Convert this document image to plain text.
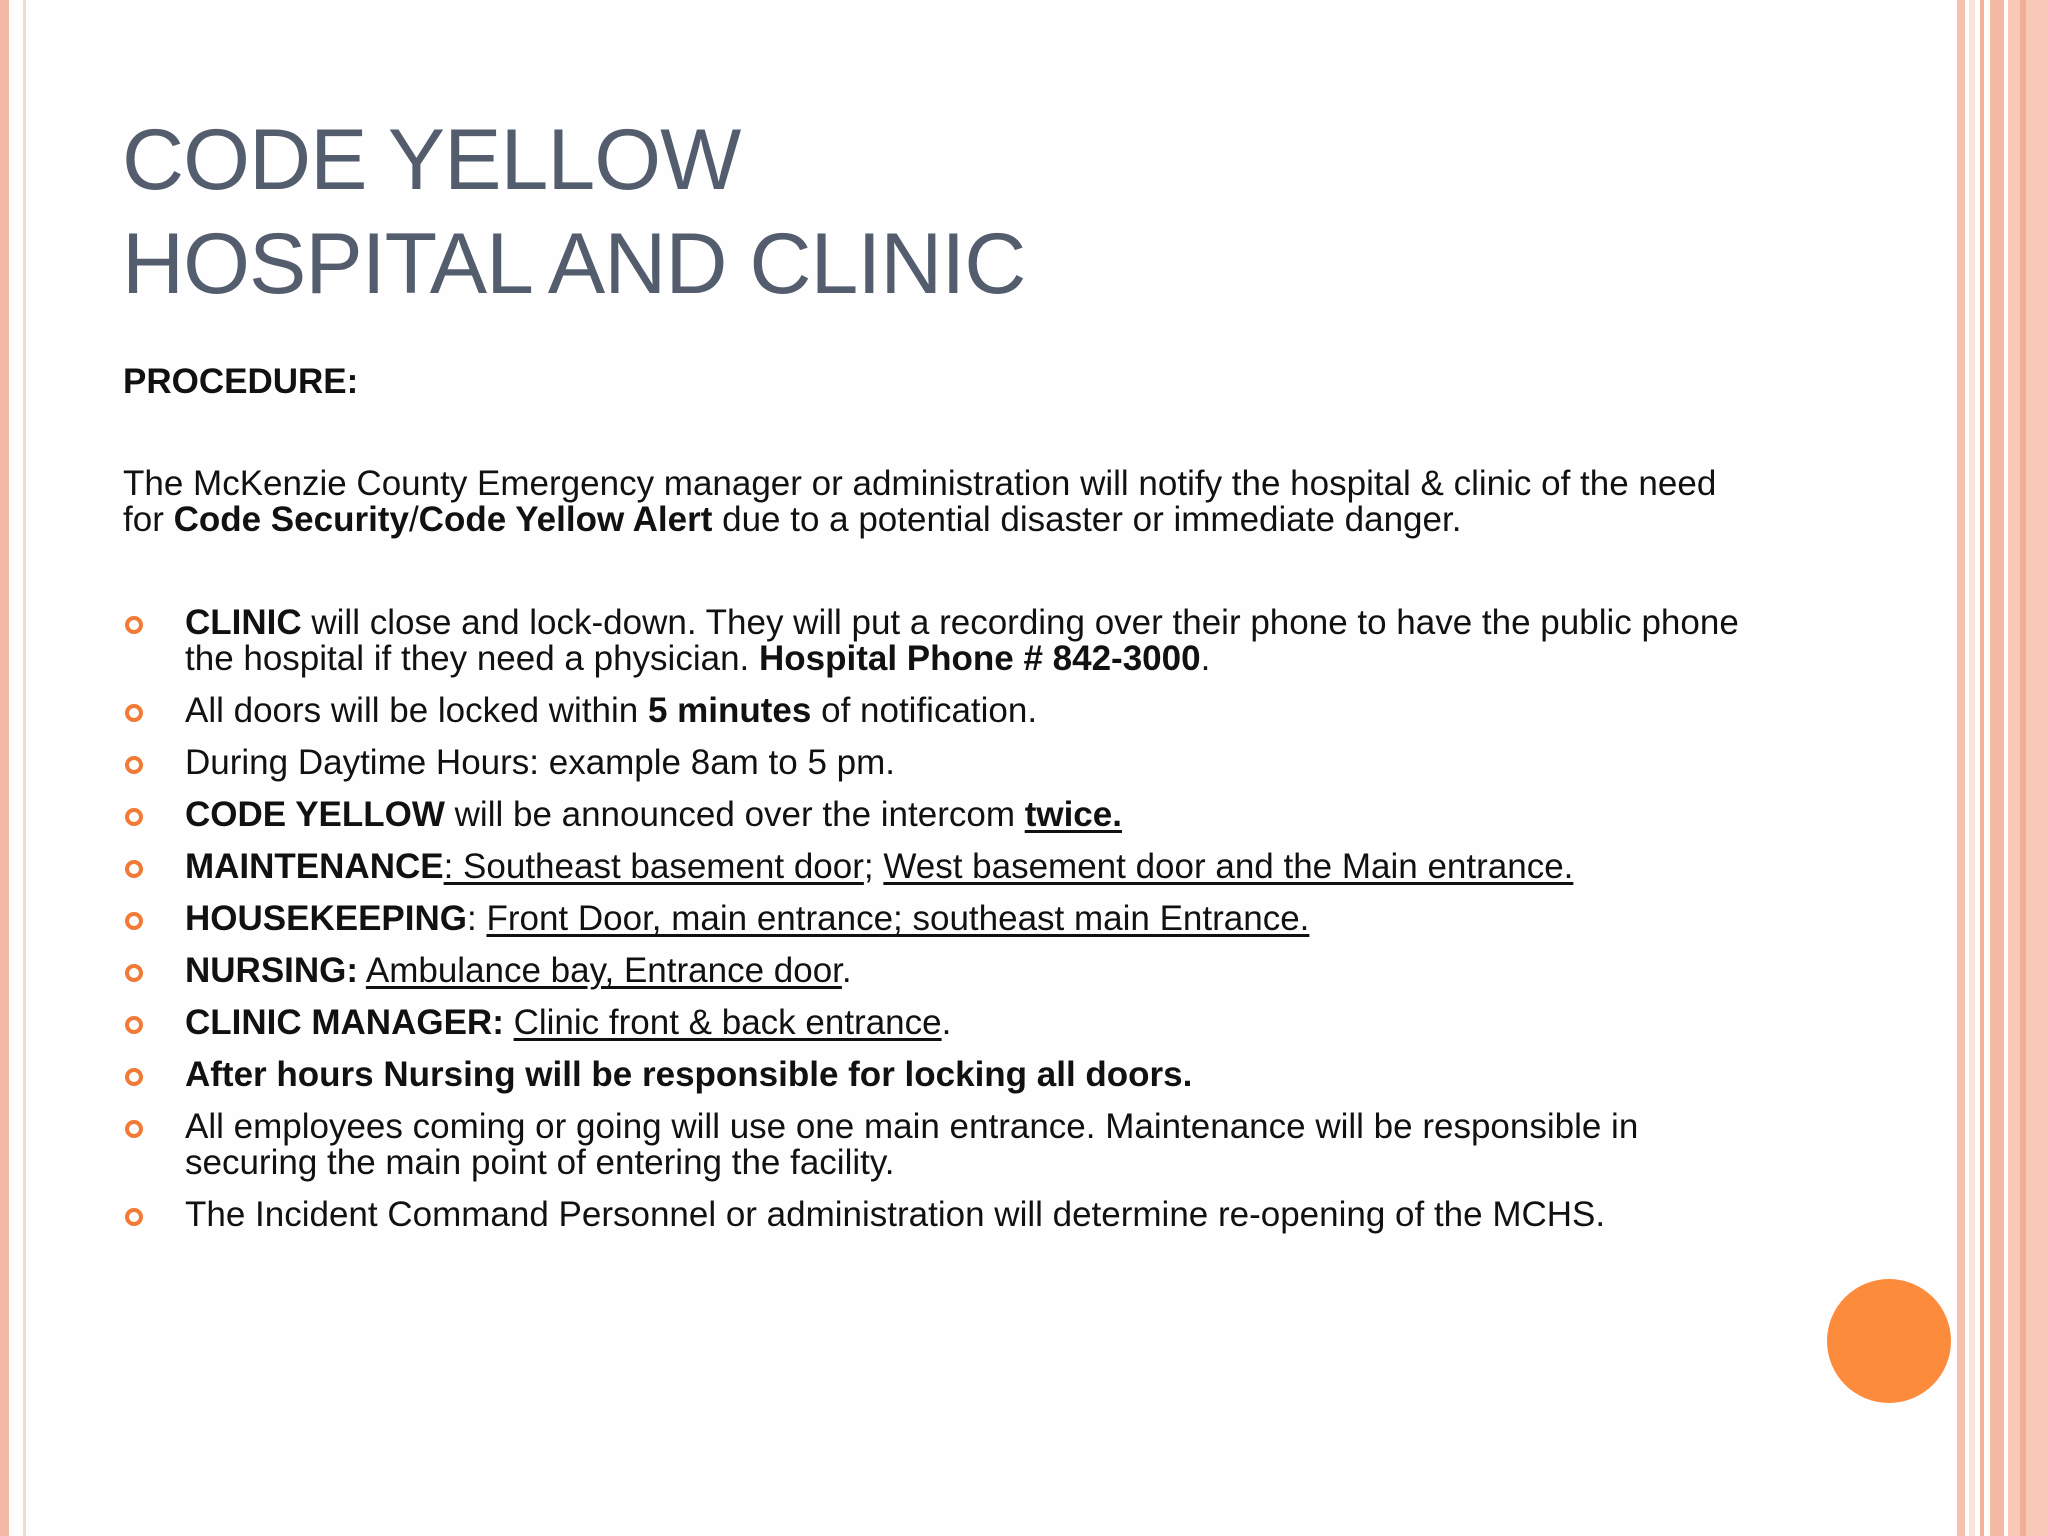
CODE YELLOW
HOSPITAL AND CLINIC

PROCEDURE:

The McKenzie County Emergency manager or administration will notify the hospital & clinic of the need for Code Security/Code Yellow Alert due to a potential disaster or immediate danger.

CLINIC will close and lock-down. They will put a recording over their phone to have the public phone the hospital if they need a physician. Hospital Phone # 842-3000.
All doors will be locked within 5 minutes of notification.
During Daytime Hours: example 8am to 5 pm.
CODE YELLOW will be announced over the intercom twice.
MAINTENANCE: Southeast basement door; West basement door and the Main entrance.
HOUSEKEEPING: Front Door, main entrance; southeast main Entrance.
NURSING: Ambulance bay, Entrance door.
CLINIC MANAGER: Clinic front & back entrance.
After hours Nursing will be responsible for locking all doors.
All employees coming or going will use one main entrance. Maintenance will be responsible in securing the main point of entering the facility.
The Incident Command Personnel or administration will determine re-opening of the MCHS.
